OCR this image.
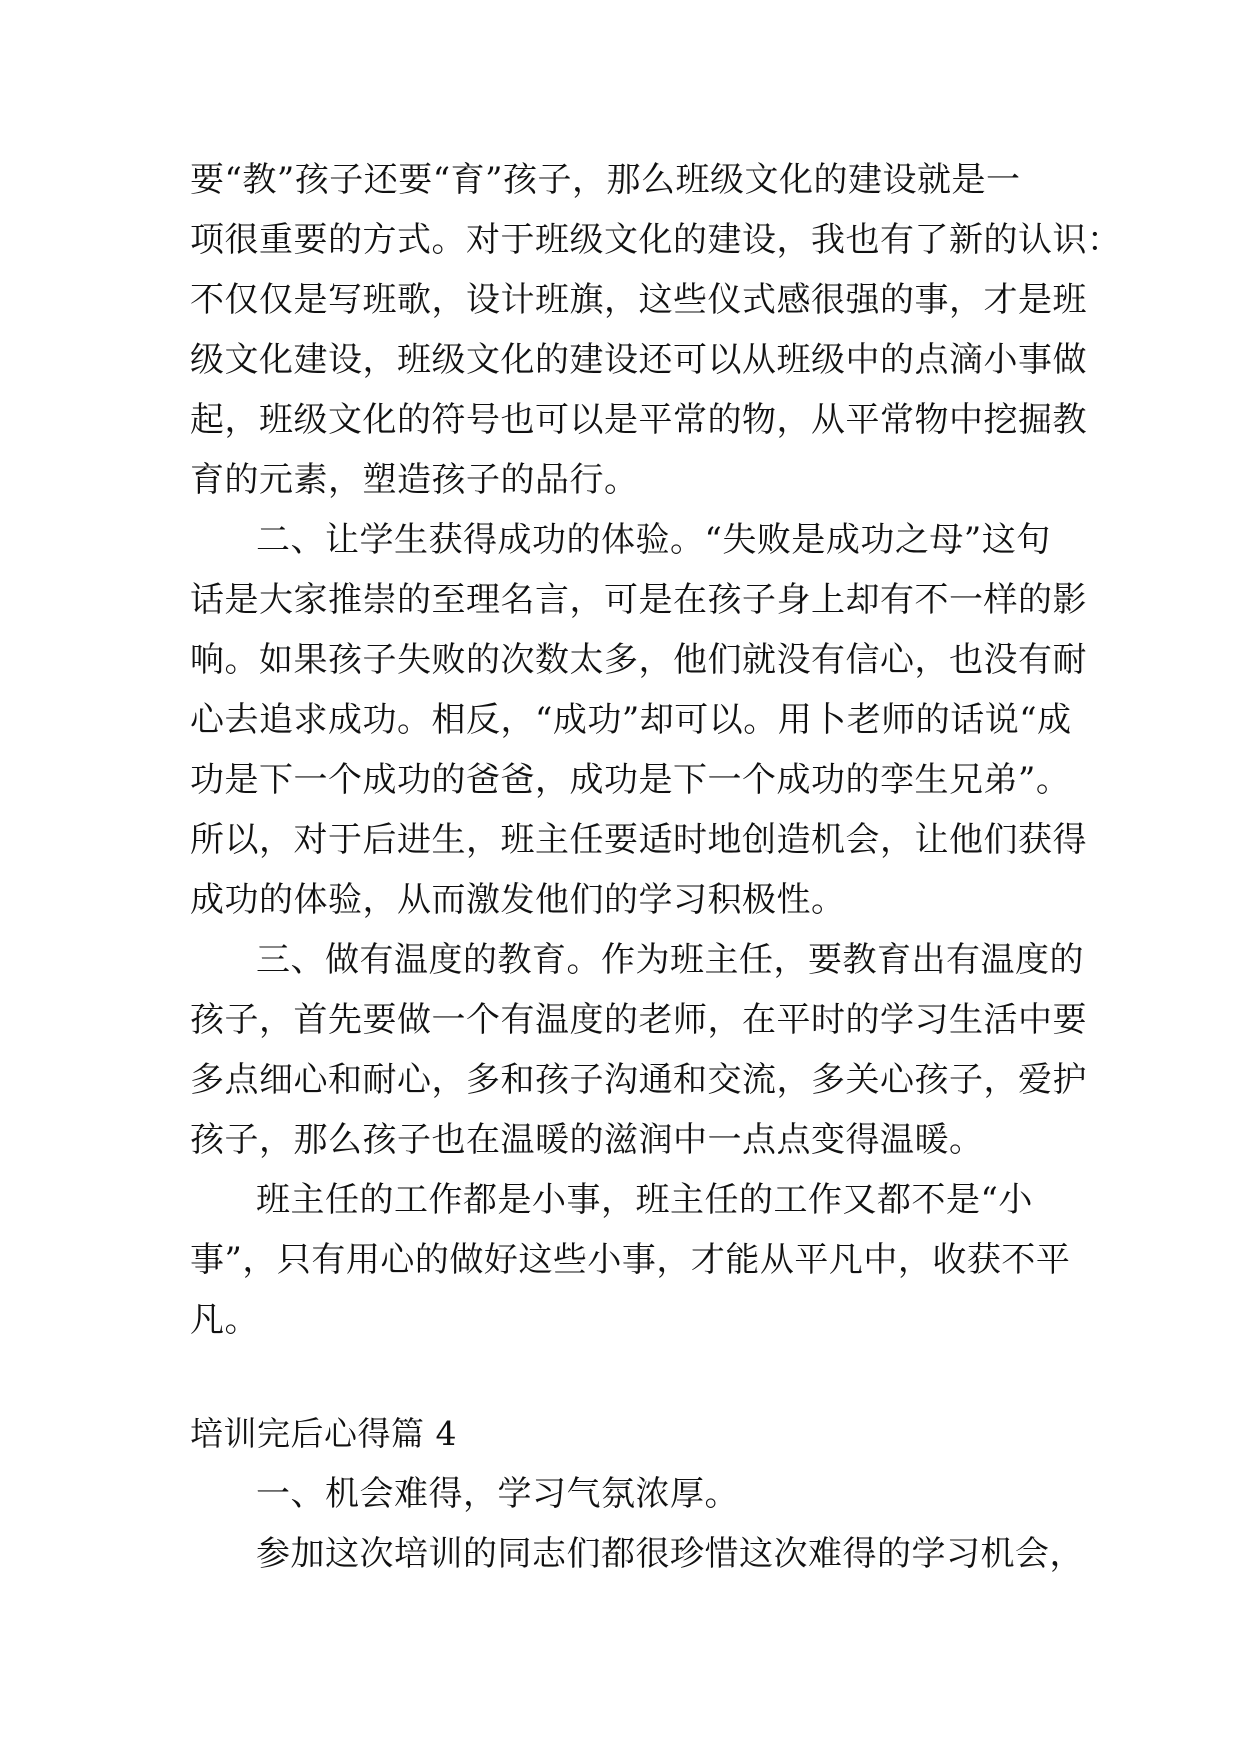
要“教”孩子还要“育”孩子，那么班级文化的建设就是一
项很重要的方式。对于班级文化的建设，我也有了新的认识：
不仅仅是写班歌，设计班旗，这些仪式感很强的事，才是班
级文化建设，班级文化的建设还可以从班级中的点滴小事做
起，班级文化的符号也可以是平常的物，从平常物中挖掘教
育的元素，塑造孩子的品行。
二、让学生获得成功的体验。“失败是成功之母”这句
话是大家推崇的至理名言，可是在孩子身上却有不一样的影
响。如果孩子失败的次数太多，他们就没有信心，也没有耐
心去追求成功。相反，“成功”却可以。用卜老师的话说“成
功是下一个成功的爸爸，成功是下一个成功的孪生兄弟”。
所以，对于后进生，班主任要适时地创造机会，让他们获得
成功的体验，从而激发他们的学习积极性。
三、做有温度的教育。作为班主任，要教育出有温度的
孩子，首先要做一个有温度的老师，在平时的学习生活中要
多点细心和耐心，多和孩子沟通和交流，多关心孩子，爱护
孩子，那么孩子也在温暖的滋润中一点点变得温暖。
班主任的工作都是小事，班主任的工作又都不是“小
事”，只有用心的做好这些小事，才能从平凡中，收获不平
凡。
培训完后心得篇 4
一、机会难得，学习气氛浓厚。
参加这次培训的同志们都很珍惜这次难得的学习机会，
